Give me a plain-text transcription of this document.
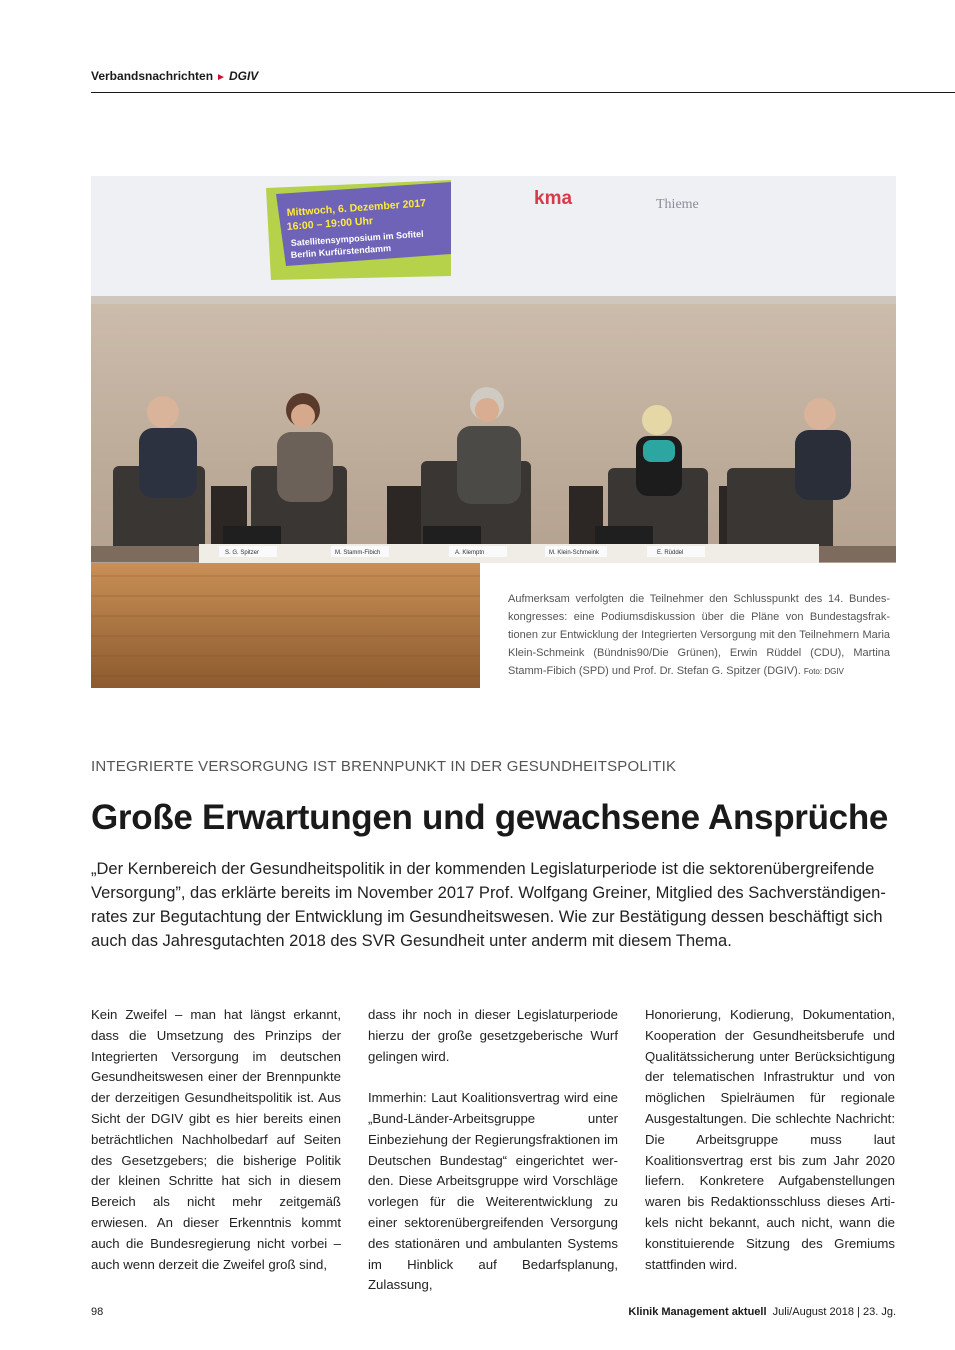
Verbandsnachrichten ► DGIV
Mittwoch, 6. Dezember 2017
16:00 – 19:00 Uhr
Satellitensymposium im Sofitel
Berlin Kurfürstendamm
kma	Thieme
S. G. Spitzer	M. Stamm-Fibich	A. Klemptn	M. Klein-Schmeink	E. Rüddel
Aufmerksam verfolgten die Teilnehmer den Schlusspunkt des 14. Bundeskongresses: eine Podiumsdiskussion über die Pläne von Bundestagsfraktionen zur Entwicklung der Integrierten Versorgung mit den Teilnehmern Maria Klein-Schmeink (Bündnis90/Die Grünen), Erwin Rüddel (CDU), Martina Stamm-Fibich (SPD) und Prof. Dr. Stefan G. Spitzer (DGIV). Foto: DGIV
INTEGRIERTE VERSORGUNG IST BRENNPUNKT IN DER GESUNDHEITSPOLITIK
Große Erwartungen und gewachsene Ansprüche
„Der Kernbereich der Gesundheitspolitik in der kommenden Legislaturperiode ist die sektorenübergreifende Versorgung”, das erklärte bereits im November 2017 Prof. Wolfgang Greiner, Mitglied des Sachverständigenrates zur Begutachtung der Entwicklung im Gesundheitswesen. Wie zur Bestätigung dessen beschäftigt sich auch das Jahresgutachten 2018 des SVR Gesundheit unter anderm mit diesem Thema.

Kein Zweifel – man hat längst erkannt, dass die Umsetzung des Prinzips der Integrierten Versorgung im deutschen Gesundheitswesen einer der Brennpunkte der derzeitigen Gesundheitspolitik ist. Aus Sicht der DGIV gibt es hier bereits einen beträchtlichen Nachholbedarf auf Seiten des Gesetzgebers; die bisherige Politik der kleinen Schritte hat sich in diesem Bereich als nicht mehr zeitgemäß erwiesen. An dieser Erkenntnis kommt auch die Bundesregierung nicht vorbei – auch wenn derzeit die Zweifel groß sind,

dass ihr noch in dieser Legislaturperiode hierzu der große gesetzgeberische Wurf gelingen wird.

Immerhin: Laut Koalitionsvertrag wird eine „Bund-Länder-Arbeitsgruppe unter Einbeziehung der Regierungsfraktionen im Deutschen Bundestag“ eingerichtet werden. Diese Arbeitsgruppe wird Vorschläge vorlegen für die Weiterentwicklung zu einer sektorenübergreifenden Versorgung des stationären und ambulanten Systems im Hinblick auf Bedarfsplanung, Zulassung,

Honorierung, Kodierung, Dokumentation, Kooperation der Gesundheitsberufe und Qualitätssicherung unter Berücksichtigung der telematischen Infrastruktur und von möglichen Spielräumen für regionale Ausgestaltungen. Die schlechte Nachricht: Die Arbeitsgruppe muss laut Koalitionsvertrag erst bis zum Jahr 2020 liefern. Konkretere Aufgabenstellungen waren bis Redaktionsschluss dieses Artikels nicht bekannt, auch nicht, wann die konstituierende Sitzung des Gremiums stattfinden wird.

98	Klinik Management aktuell Juli/August 2018 | 23. Jg.
